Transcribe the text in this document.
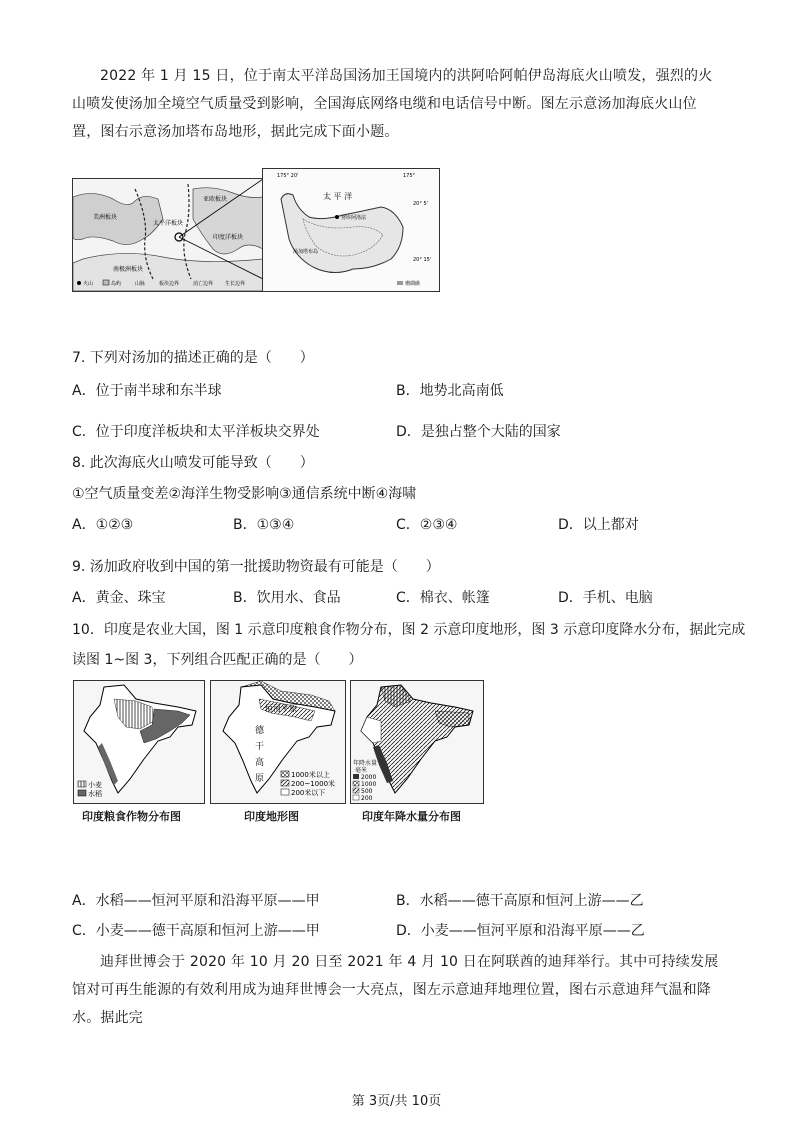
2022 年 1 月 15 日，位于南太平洋岛国汤加王国境内的洪阿哈阿帕伊岛海底火山喷发，强烈的火山喷发使汤加全境空气质量受到影响，全国海底网络电缆和电话信号中断。图左示意汤加海底火山位置，图右示意汤加塔布岛地形，据此完成下面小题。

亚欧板块
太平洋板块
美洲板块
印度洋板块
南极洲板块
火山	岛屿	山脉	板块边界	消亡边界 生长边界
175° 20'	175°
20° 5'
20° 15'
太 平 洋
努库阿洛法
汤加塔布岛
珊瑚礁
7. 下列对汤加的描述正确的是（　　）
A．位于南半球和东半球	B．地势北高南低
C．位于印度洋板块和太平洋板块交界处	D．是独占整个大陆的国家
8. 此次海底火山喷发可能导致（　　）
①空气质量变差②海洋生物受影响③通信系统中断④海啸
A．①②③	B．①③④	C．②③④	D．以上都对
9. 汤加政府收到中国的第一批援助物资最有可能是（　　）
A．黄金、珠宝	B．饮用水、食品	C．棉衣、帐篷	D．手机、电脑
10．印度是农业大国，图 1 示意印度粮食作物分布，图 2 示意印度地形，图 3 示意印度降水分布，据此完成
读图 1~图 3，下列组合匹配正确的是（　　）
小麦
水稻
印度粮食作物分布图
恒河平原
德
干
高
原	1000米以上
200~1000米
200米以下
印度地形图
年降水量
毫米
2000
1000
500
200
印度年降水量分布图
A．水稻——恒河平原和沿海平原——甲	B．水稻——德干高原和恒河上游——乙
C．小麦——德干高原和恒河上游——甲	D．小麦——恒河平原和沿海平原——乙

迪拜世博会于 2020 年 10 月 20 日至 2021 年 4 月 10 日在阿联酋的迪拜举行。其中可持续发展馆对可再生能源的有效利用成为迪拜世博会一大亮点，图左示意迪拜地理位置，图右示意迪拜气温和降水。据此完

第 3页/共 10页
